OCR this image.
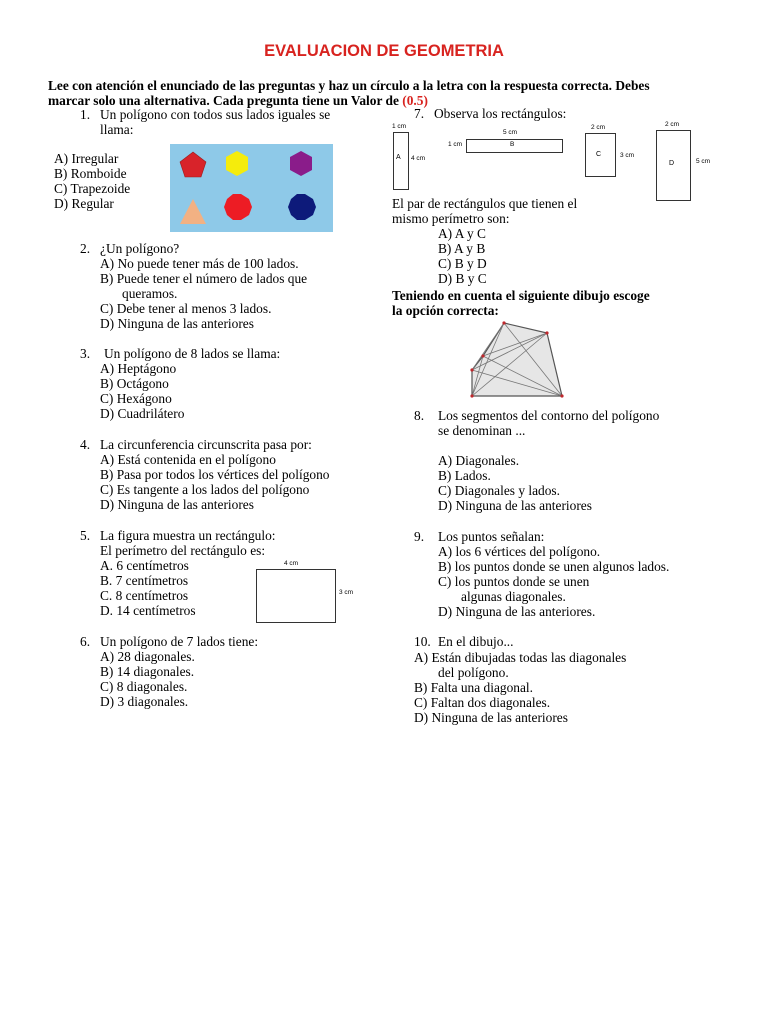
EVALUACION DE GEOMETRIA
Lee con atención el enunciado de las preguntas y haz un círculo a la letra con la respuesta correcta. Debes
marcar solo una alternativa. Cada pregunta tiene un Valor de (0.5)
1. Un polígono con todos sus lados iguales se
llama:
A) Irregular
B) Romboide
C) Trapezoide
D) Regular
2. ¿Un polígono?
A) No puede tener más de 100 lados.
B) Puede tener el número de lados que
queramos.
C) Debe tener al menos 3 lados.
D) Ninguna de las anteriores
3. Un polígono de 8 lados se llama:
A) Heptágono
B) Octágono
C) Hexágono
D) Cuadrilátero
4. La circunferencia circunscrita pasa por:
A) Está contenida en el polígono
B) Pasa por todos los vértices del polígono
C) Es tangente a los lados del polígono
D) Ninguna de las anteriores
5. La figura muestra un rectángulo:
El perímetro del rectángulo es:
A. 6 centímetros
B. 7 centímetros
C. 8 centímetros
D. 14 centímetros
4 cm
3 cm
6. Un polígono de 7 lados tiene:
A) 28 diagonales.
B) 14 diagonales.
C) 8 diagonales.
D) 3 diagonales.
7. Observa los rectángulos:
A
1 cm
4 cm
B
5 cm
1 cm
C
2 cm
3 cm
D
2 cm
5 cm
El par de rectángulos que tienen el
mismo perímetro son:
A) A y C
B) A y B
C) B y D
D) B y C
Teniendo en cuenta el siguiente dibujo escoge
la opción correcta:
8. Los segmentos del contorno del polígono
se denominan ...
A) Diagonales.
B) Lados.
C) Diagonales y lados.
D) Ninguna de las anteriores
9. Los puntos señalan:
A) los 6 vértices del polígono.
B) los puntos donde se unen algunos lados.
C) los puntos donde se unen
algunas diagonales.
D) Ninguna de las anteriores.
10. En el dibujo...
A) Están dibujadas todas las diagonales
del polígono.
B) Falta una diagonal.
C) Faltan dos diagonales.
D) Ninguna de las anteriores
